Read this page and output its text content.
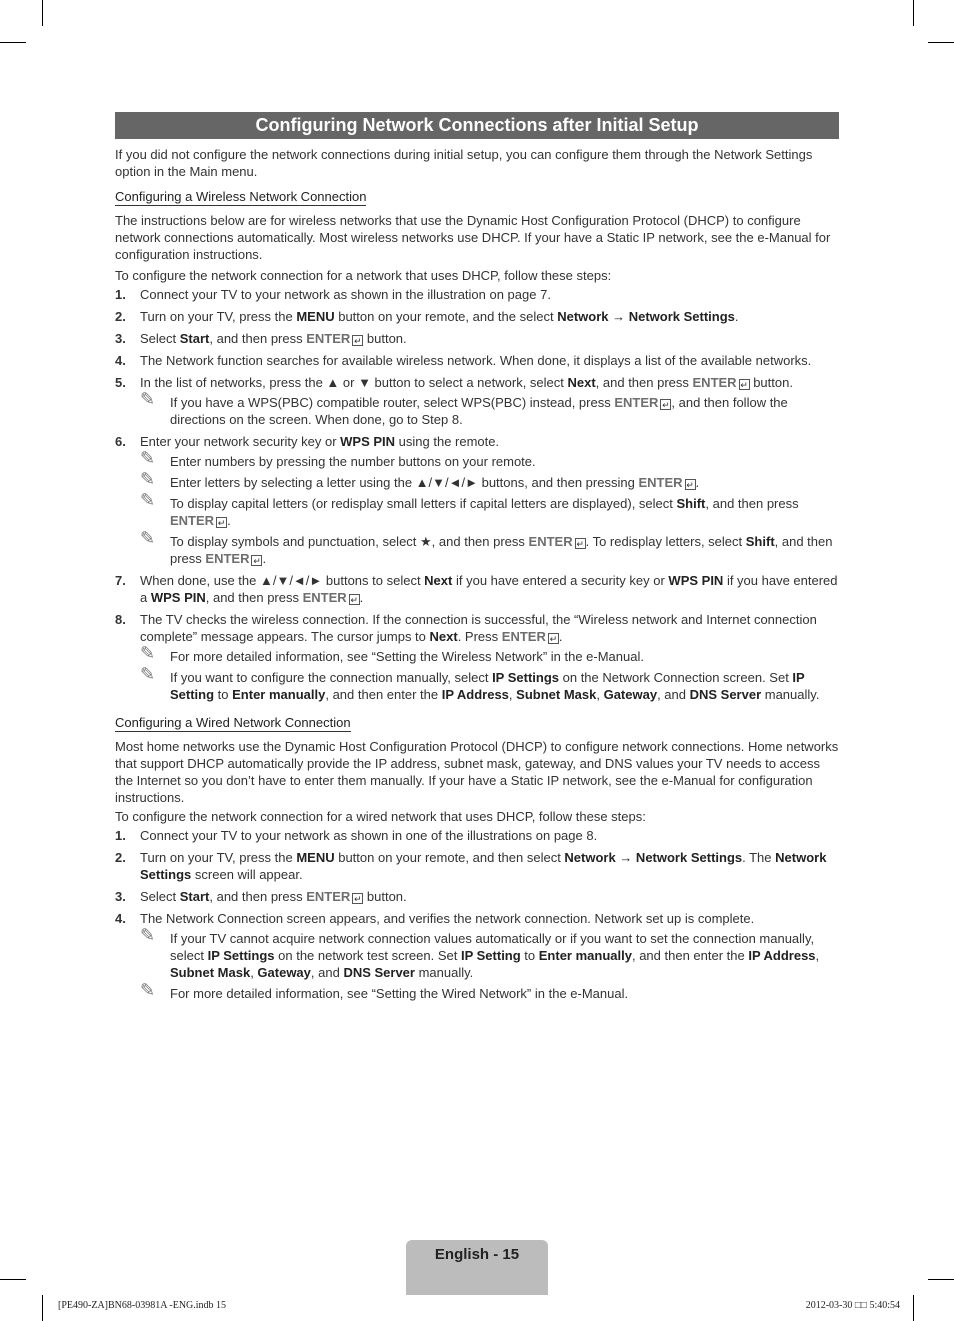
Configuring Network Connections after Initial Setup

If you did not configure the network connections during initial setup, you can configure them through the Network Settings option in the Main menu.

Configuring a Wireless Network Connection

The instructions below are for wireless networks that use the Dynamic Host Configuration Protocol (DHCP) to configure network connections automatically. Most wireless networks use DHCP. If your have a Static IP network, see the e-Manual for configuration instructions.

To configure the network connection for a network that uses DHCP, follow these steps:

1. Connect your TV to your network as shown in the illustration on page 7.
2. Turn on your TV, press the MENU button on your remote, and the select Network → Network Settings.
3. Select Start, and then press ENTER ↵ button.
4. The Network function searches for available wireless network. When done, it displays a list of the available networks.
5. In the list of networks, press the ▲ or ▼ button to select a network, select Next, and then press ENTER ↵ button.
✎ If you have a WPS(PBC) compatible router, select WPS(PBC) instead, press ENTER ↵ , and then follow the directions on the screen. When done, go to Step 8.
6. Enter your network security key or WPS PIN using the remote.
✎ Enter numbers by pressing the number buttons on your remote.
✎ Enter letters by selecting a letter using the ▲/▼/◄/► buttons, and then pressing ENTER ↵ .
✎ To display capital letters (or redisplay small letters if capital letters are displayed), select Shift, and then press ENTER ↵ .
✎ To display symbols and punctuation, select ★, and then press ENTER ↵ . To redisplay letters, select Shift, and then press ENTER ↵ .
7. When done, use the ▲/▼/◄/► buttons to select Next if you have entered a security key or WPS PIN if you have entered a WPS PIN, and then press ENTER ↵ .
8. The TV checks the wireless connection. If the connection is successful, the “Wireless network and Internet connection complete” message appears. The cursor jumps to Next. Press ENTER ↵ .
✎ For more detailed information, see “Setting the Wireless Network” in the e-Manual.
✎ If you want to configure the connection manually, select IP Settings on the Network Connection screen. Set IP Setting to Enter manually, and then enter the IP Address, Subnet Mask, Gateway, and DNS Server manually.
Configuring a Wired Network Connection

Most home networks use the Dynamic Host Configuration Protocol (DHCP) to configure network connections. Home networks that support DHCP automatically provide the IP address, subnet mask, gateway, and DNS values your TV needs to access the Internet so you don’t have to enter them manually. If your have a Static IP network, see the e-Manual for configuration instructions.

To configure the network connection for a wired network that uses DHCP, follow these steps:

1. Connect your TV to your network as shown in one of the illustrations on page 8.
2. Turn on your TV, press the MENU button on your remote, and then select Network → Network Settings. The Network Settings screen will appear.
3. Select Start, and then press ENTER ↵ button.
4. The Network Connection screen appears, and verifies the network connection. Network set up is complete.
✎ If your TV cannot acquire network connection values automatically or if you want to set the connection manually, select IP Settings on the network test screen. Set IP Setting to Enter manually, and then enter the IP Address, Subnet Mask, Gateway, and DNS Server manually.
✎ For more detailed information, see “Setting the Wired Network” in the e-Manual.
English - 15
[PE490-ZA]BN68-03981A -ENG.indb 15	2012-03-30 □□ 5:40:54
